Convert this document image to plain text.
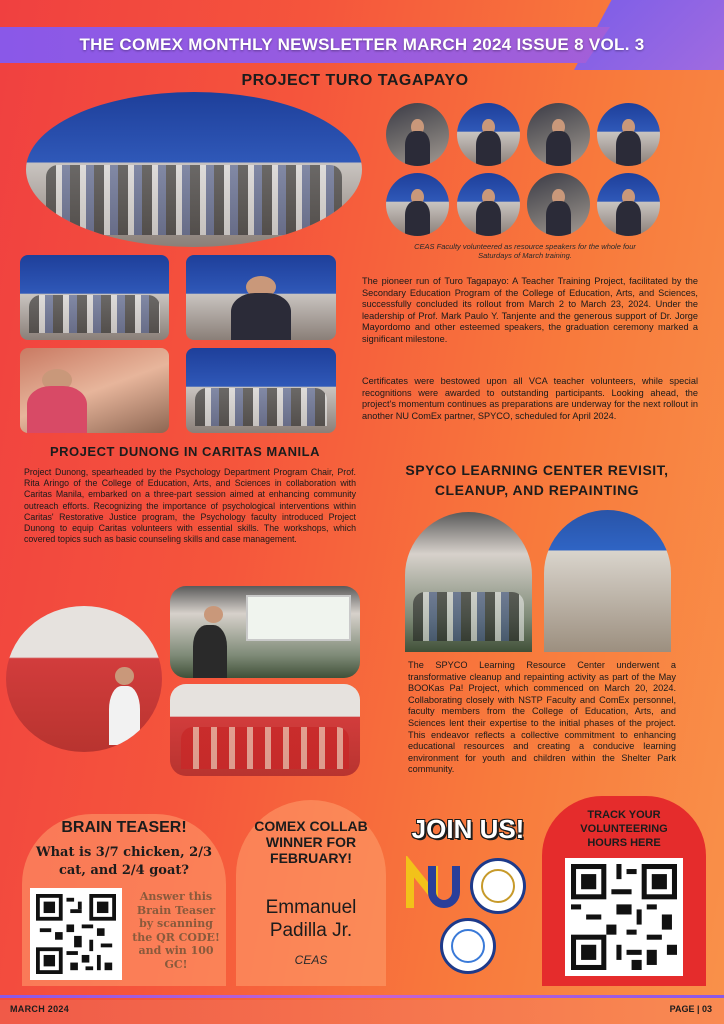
THE COMEX MONTHLY NEWSLETTER MARCH 2024 ISSUE 8 VOL. 3
PROJECT TURO TAGAPAYO
CEAS Faculty volunteered as resource speakers for the whole four
Saturdays of March training.
The pioneer run of Turo Tagapayo: A Teacher Training Project, facilitated by the Secondary Education Program of the College of Education, Arts, and Sciences, successfully concluded its rollout from March 2 to March 23, 2024. Under the leadership of Prof. Mark Paulo Y. Tanjente and the generous support of Dr. Jorge Mayordomo and other esteemed speakers, the graduation ceremony marked a significant milestone.
Certificates were bestowed upon all VCA teacher volunteers, while special recognitions were awarded to outstanding participants. Looking ahead, the project's momentum continues as preparations are underway for the next rollout in another NU ComEx partner, SPYCO, scheduled for April 2024.
PROJECT DUNONG IN CARITAS MANILA
Project Dunong, spearheaded by the Psychology Department Program Chair, Prof. Rita Aringo of the College of Education, Arts, and Sciences in collaboration with Caritas Manila, embarked on a three-part session aimed at enhancing community outreach efforts. Recognizing the importance of psychological interventions within Caritas' Restorative Justice program, the Psychology faculty introduced Project Dunong to equip Caritas volunteers with essential skills. The workshops, which covered topics such as basic counseling skills and case management.
SPYCO LEARNING CENTER REVISIT,
CLEANUP, AND REPAINTING
The SPYCO Learning Resource Center underwent a transformative cleanup and repainting activity as part of the May BOOKas Pa! Project, which commenced on March 20, 2024. Collaborating closely with NSTP Faculty and ComEx personnel, faculty members from the College of Education, Arts, and Sciences lent their expertise to the initial phases of the project. This endeavor reflects a collective commitment to enhancing educational resources and creating a conducive learning environment for youth and children within the Shelter Park community.
BRAIN TEASER!
What is 3/7 chicken, 2/3 cat, and 2/4 goat?
Answer this Brain Teaser by scanning the QR CODE! and win 100 GC!
COMEX COLLAB WINNER FOR FEBRUARY!
Emmanuel Padilla Jr.
CEAS
JOIN US!	TRACK YOUR VOLUNTEERING HOURS HERE
MARCH 2024	PAGE | 03
